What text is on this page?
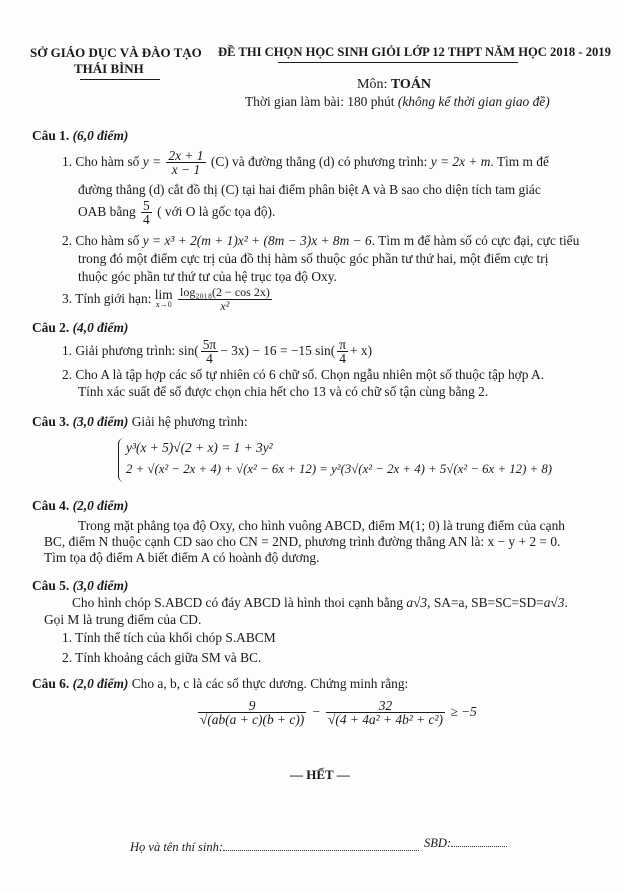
SỞ GIÁO DỤC VÀ ĐÀO TẠO
THÁI BÌNH
ĐỀ THI CHỌN HỌC SINH GIỎI LỚP 12 THPT NĂM HỌC 2018 - 2019
Môn: TOÁN
Thời gian làm bài: 180 phút (không kể thời gian giao đề)
Câu 1. (6,0 điểm)
1. Cho hàm số $y = \frac{2x + 1}{x - 1} (C)$ và đường thẳng (d) có phương trình: y = 2x + m. Tìm m để
đường thẳng (d) cắt đồ thị (C) tại hai điểm phân biệt A và B sao cho diện tích tam giác
OAB bằng $\frac{5}{4}$ ( với O là gốc tọa độ).
2. Cho hàm số y = x³ + 2(m + 1)x² + (8m − 3)x + 8m − 6. Tìm m để hàm số có cực đại, cực tiểu
trong đó một điểm cực trị của đồ thị hàm số thuộc góc phần tư thứ hai, một điểm cực trị
thuộc góc phần tư thứ tư của hệ trục tọa độ Oxy.
3. Tính giới hạn: lim
x→0
$\frac{\text{log₂₀₁₈(2 − cos 2x)}}{\text{x²}}$
Câu 2. (4,0 điểm)
1. Giải phương trình: $\sin( \frac{5\pi}{4} - 3x) - 16 = -15$ $\sin( \frac{\pi}{4} + x)$
2. Cho A là tập hợp các số tự nhiên có 6 chữ số. Chọn ngẫu nhiên một số thuộc tập hợp A.
Tính xác suất để số được chọn chia hết cho 13 và có chữ số tận cùng bằng 2.
Câu 3. (3,0 điểm) Giải hệ phương trình:
y³(x + 5)√(2 + x) = 1 + 3y²
2 + √(x² − 2x + 4) + √(x² − 6x + 12) = y²(3√(x² − 2x + 4) + 5√(x² − 6x + 12) + 8)
Câu 4. (2,0 điểm)
Trong mặt phẳng tọa độ Oxy, cho hình vuông ABCD, điểm M(1; 0) là trung điểm của cạnh
BC, điểm N thuộc cạnh CD sao cho CN = 2ND, phương trình đường thẳng AN là: x − y + 2 = 0.
Tìm tọa độ điểm A biết điểm A có hoành độ dương.
Câu 5. (3,0 điểm)
Cho hình chóp S.ABCD có đáy ABCD là hình thoi cạnh bằng a√3, SA=a, SB=SC=SD=a√3.
Gọi M là trung điểm của CD.
1. Tính thể tích của khối chóp S.ABCM
2. Tính khoảng cách giữa SM và BC.
Câu 6. (2,0 điểm) Cho a, b, c là các số thực dương. Chứng minh rằng:
$\frac{9}{√(ab(a + c)(b + c))} - \frac{32}{\text{√(4 + 4a² + 4b² + c²)}} \ge -5$
— HẾT —
Họ và tên thí sinh:	SBD:
